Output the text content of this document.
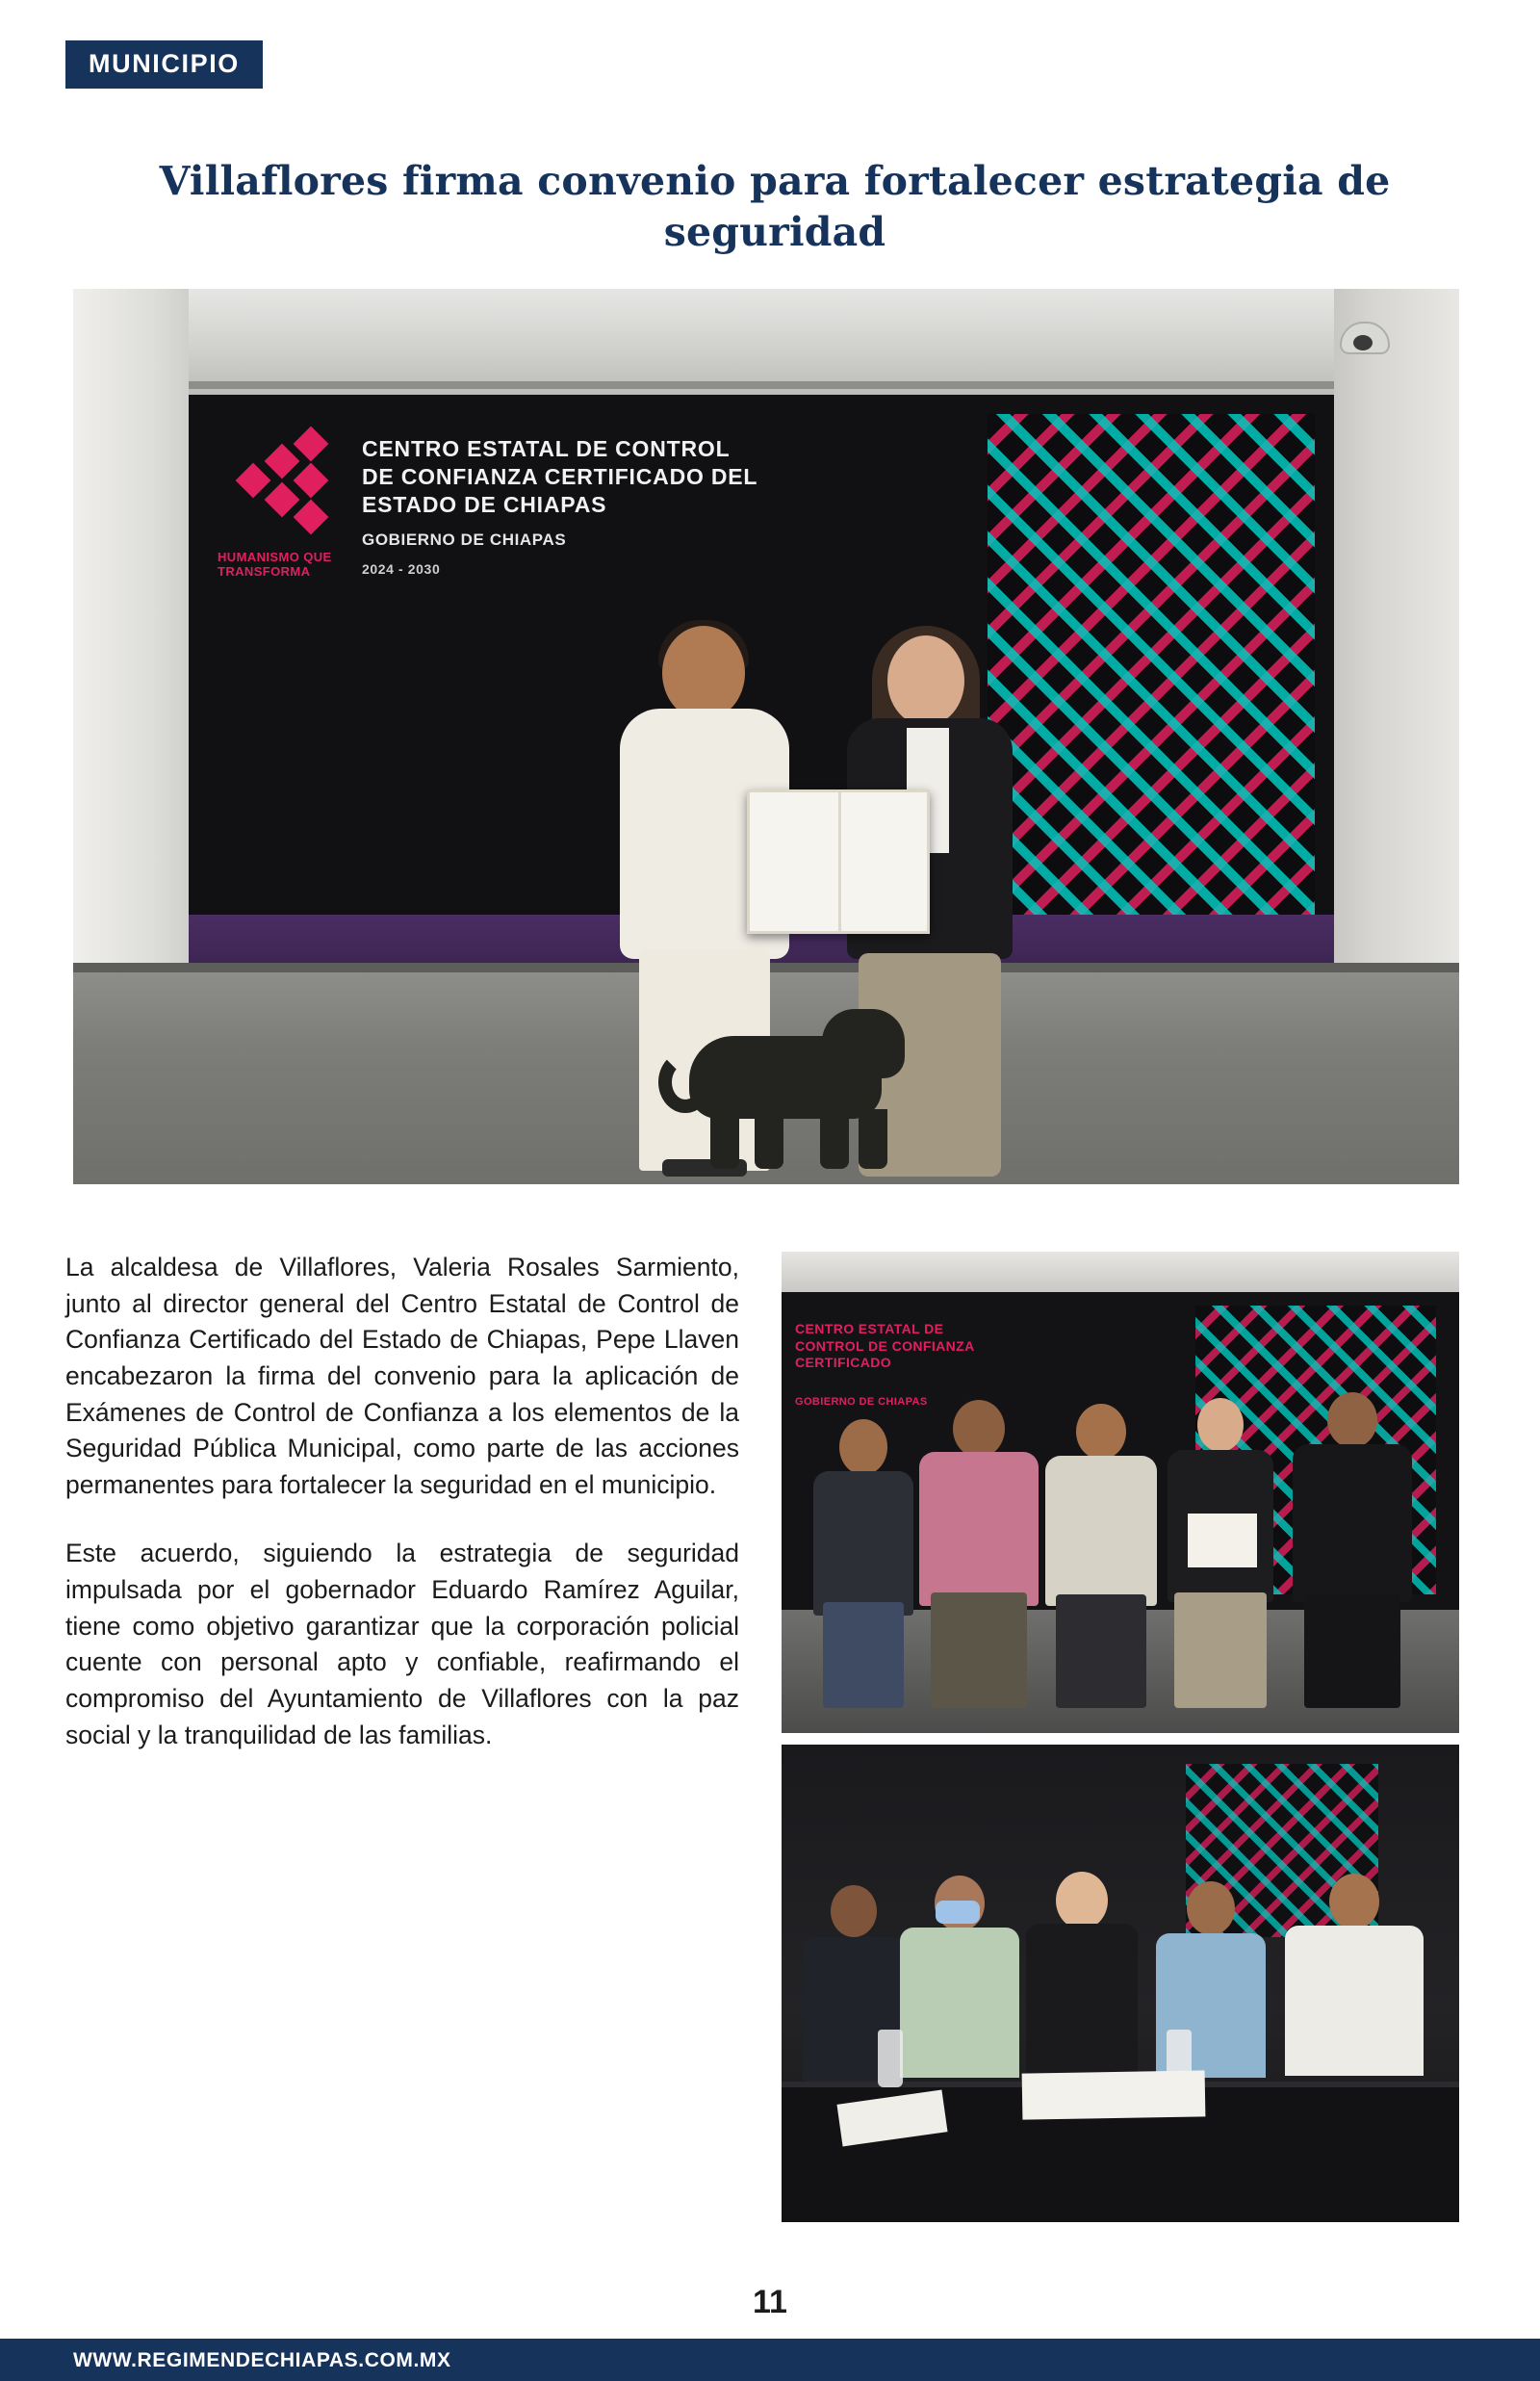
MUNICIPIO
Villaflores firma convenio para fortalecer estrategia de seguridad
HUMANISMO QUE TRANSFORMA
CENTRO ESTATAL DE CONTROL DE CONFIANZA CERTIFICADO DEL ESTADO DE CHIAPAS
GOBIERNO DE CHIAPAS
2024 - 2030

La alcaldesa de Villaflores, Valeria Rosales Sarmiento, junto al director general del Centro Estatal de Control de Confianza Certificado del Estado de Chiapas, Pepe Llaven encabezaron la firma del convenio para la aplicación de Exámenes de Control de Confianza a los elementos de la Seguridad Pública Municipal, como parte de las acciones permanentes para fortalecer la seguridad en el municipio.

Este acuerdo, siguiendo la estrategia de seguridad impulsada por el gobernador Eduardo Ramírez Aguilar, tiene como objetivo garantizar que la corporación policial cuente con personal apto y confiable, reafirmando el compromiso del Ayuntamiento de Villaflores con la paz social y la tranquilidad de las familias.

CENTRO ESTATAL DE CONTROL DE CONFIANZA CERTIFICADO
GOBIERNO DE CHIAPAS
11
WWW.REGIMENDECHIAPAS.COM.MX
